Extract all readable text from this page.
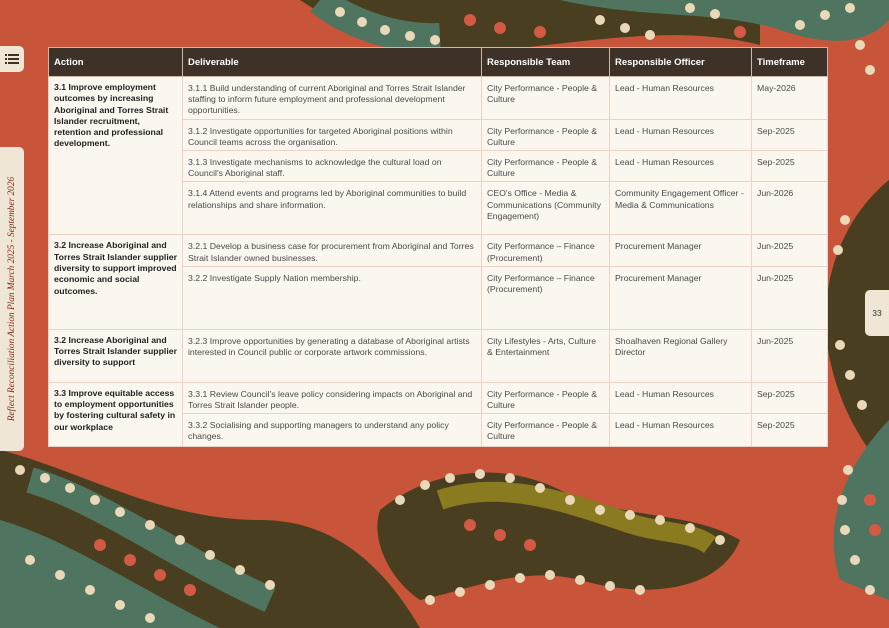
Reflect Reconciliation Action Plan March 2025 - September 2026	33
Action	Deliverable	Responsible Team	Responsible Officer	Timeframe
3.1 Improve employment outcomes by increasing Aboriginal and Torres Strait Islander recruitment, retention and professional development.	3.1.1 Build understanding of current Aboriginal and Torres Strait Islander staffing to inform future employment and professional development opportunities.	City Performance - People & Culture	Lead - Human Resources	May-2026
	3.1.2 Investigate opportunities for targeted Aboriginal positions within Council teams across the organisation.	City Performance - People & Culture	Lead - Human Resources	Sep-2025
	3.1.3 Investigate mechanisms to acknowledge the cultural load on Council's Aboriginal staff.	City Performance - People & Culture	Lead - Human Resources	Sep-2025
	3.1.4 Attend events and programs led by Aboriginal communities to build relationships and share information.	CEO's Office - Media & Communications (Community Engagement)	Community Engagement Officer - Media & Communications	Jun-2026
3.2 Increase Aboriginal and Torres Strait Islander supplier diversity to support improved economic and social outcomes.	3.2.1 Develop a business case for procurement from Aboriginal and Torres Strait Islander owned businesses.	City Performance – Finance (Procurement)	Procurement Manager	Jun-2025
	3.2.2 Investigate Supply Nation membership.	City Performance – Finance (Procurement)	Procurement Manager	Jun-2025
3.2 Increase Aboriginal and Torres Strait Islander supplier diversity to support	3.2.3 Improve opportunities by generating a database of Aboriginal artists interested in Council public or corporate artwork commissions.	City Lifestyles - Arts, Culture & Entertainment	Shoalhaven Regional Gallery Director	Jun-2025
3.3 Improve equitable access to employment opportunities by fostering cultural safety in our workplace	3.3.1 Review Council's leave policy considering impacts on Aboriginal and Torres Strait Islander people.	City Performance - People & Culture	Lead - Human Resources	Sep-2025
	3.3.2 Socialising and supporting managers to understand any policy changes.	City Performance - People & Culture	Lead - Human Resources	Sep-2025
